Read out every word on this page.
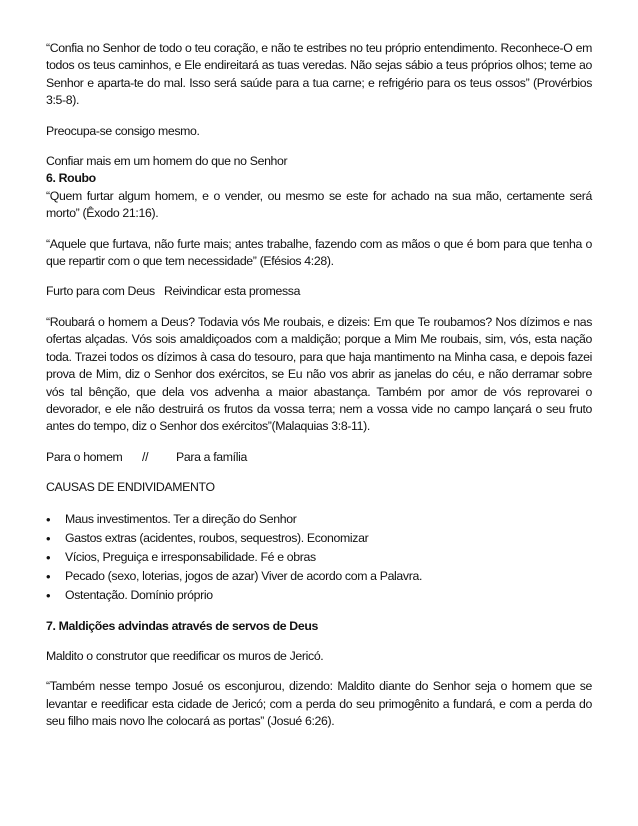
“Confia no Senhor de todo o teu coração, e não te estribes no teu próprio entendimento. Reconhece-O em todos os teus caminhos, e Ele endireitará as tuas veredas. Não sejas sábio a teus próprios olhos; teme ao Senhor e aparta-te do mal. Isso será saúde para a tua carne; e refrigério para os teus ossos” (Provérbios 3:5-8).

Preocupa-se consigo mesmo.

Confiar mais em um homem do que no Senhor

6. Roubo

“Quem furtar algum homem, e o vender, ou mesmo se este for achado na sua mão, certamente será morto” (Êxodo 21:16).

“Aquele que furtava, não furte mais; antes trabalhe, fazendo com as mãos o que é bom para que tenha o que repartir com o que tem necessidade” (Efésios 4:28).

Furto para com Deus Reivindicar esta promessa

“Roubará o homem a Deus? Todavia vós Me roubais, e dizeis: Em que Te roubamos? Nos dízimos e nas ofertas alçadas. Vós sois amaldiçoados com a maldição; porque a Mim Me roubais, sim, vós, esta nação toda. Trazei todos os dízimos à casa do tesouro, para que haja mantimento na Minha casa, e depois fazei prova de Mim, diz o Senhor dos exércitos, se Eu não vos abrir as janelas do céu, e não derramar sobre vós tal bênção, que dela vos advenha a maior abastança. Também por amor de vós reprovarei o devorador, e ele não destruirá os frutos da vossa terra; nem a vossa vide no campo lançará o seu fruto antes do tempo, diz o Senhor dos exércitos”(Malaquias 3:8-11).

Para o homem // Para a família

CAUSAS DE ENDIVIDAMENTO

• Maus investimentos. Ter a direção do Senhor
• Gastos extras (acidentes, roubos, sequestros). Economizar
• Vícios, Preguiça e irresponsabilidade. Fé e obras
• Pecado (sexo, loterias, jogos de azar) Viver de acordo com a Palavra.
• Ostentação. Domínio próprio

7. Maldições advindas através de servos de Deus

Maldito o construtor que reedificar os muros de Jericó.

“Também nesse tempo Josué os esconjurou, dizendo: Maldito diante do Senhor seja o homem que se levantar e reedificar esta cidade de Jericó; com a perda do seu primogênito a fundará, e com a perda do seu filho mais novo lhe colocará as portas” (Josué 6:26).
